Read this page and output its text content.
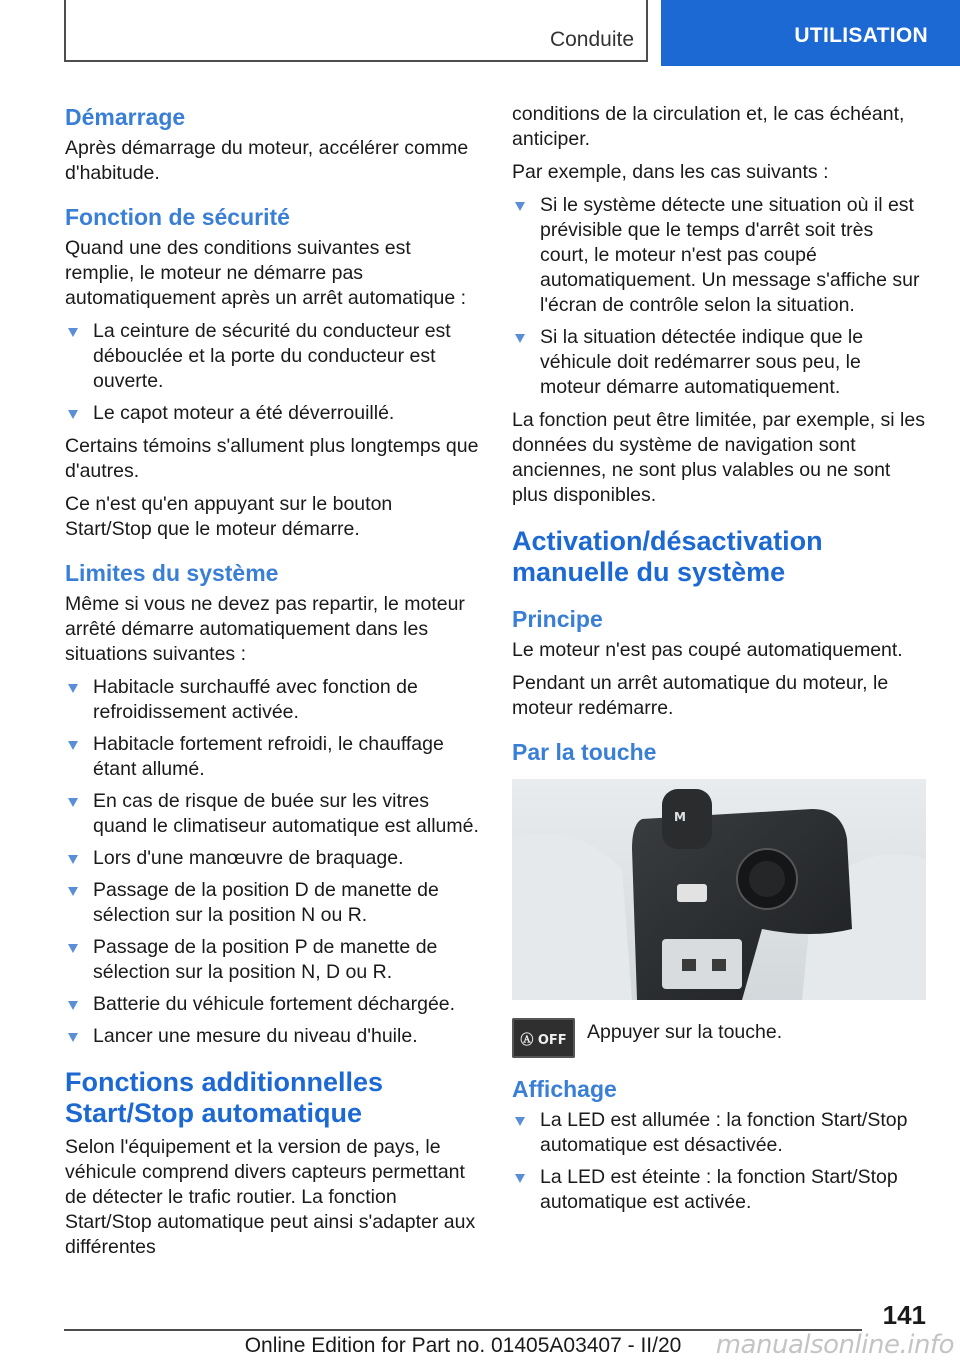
Conduite	UTILISATION
Démarrage

Après démarrage du moteur, accélérer comme d'habitude.

Fonction de sécurité

Quand une des conditions suivantes est remplie, le moteur ne démarre pas automatiquement après un arrêt automatique :

La ceinture de sécurité du conducteur est débouclée et la porte du conducteur est ouverte.
Le capot moteur a été déverrouillé.

Certains témoins s'allument plus longtemps que d'autres.

Ce n'est qu'en appuyant sur le bouton Start/Stop que le moteur démarre.

Limites du système

Même si vous ne devez pas repartir, le moteur arrêté démarre automatiquement dans les situations suivantes :

Habitacle surchauffé avec fonction de refroidissement activée.
Habitacle fortement refroidi, le chauffage étant allumé.
En cas de risque de buée sur les vitres quand le climatiseur automatique est allumé.
Lors d'une manœuvre de braquage.
Passage de la position D de manette de sélection sur la position N ou R.
Passage de la position P de manette de sélection sur la position N, D ou R.
Batterie du véhicule fortement déchargée.
Lancer une mesure du niveau d'huile.
Fonctions additionnelles Start/Stop automatique

Selon l'équipement et la version de pays, le véhicule comprend divers capteurs permettant de détecter le trafic routier. La fonction Start/Stop automatique peut ainsi s'adapter aux différentes

conditions de la circulation et, le cas échéant, anticiper.

Par exemple, dans les cas suivants :

Si le système détecte une situation où il est prévisible que le temps d'arrêt soit très court, le moteur n'est pas coupé automatiquement. Un message s'affiche sur l'écran de contrôle selon la situation.
Si la situation détectée indique que le véhicule doit redémarrer sous peu, le moteur démarre automatiquement.

La fonction peut être limitée, par exemple, si les données du système de navigation sont anciennes, ne sont plus valables ou ne sont plus disponibles.

Activation/désactivation manuelle du système
Principe

Le moteur n'est pas coupé automatiquement.

Pendant un arrêt automatique du moteur, le moteur redémarre.

Par la touche
M
Ⓐ OFF Appuyer sur la touche.

Affichage
La LED est allumée : la fonction Start/Stop automatique est désactivée.
La LED est éteinte : la fonction Start/Stop automatique est activée.
141
Online Edition for Part no. 01405A03407 - II/20	manualsonline.info
